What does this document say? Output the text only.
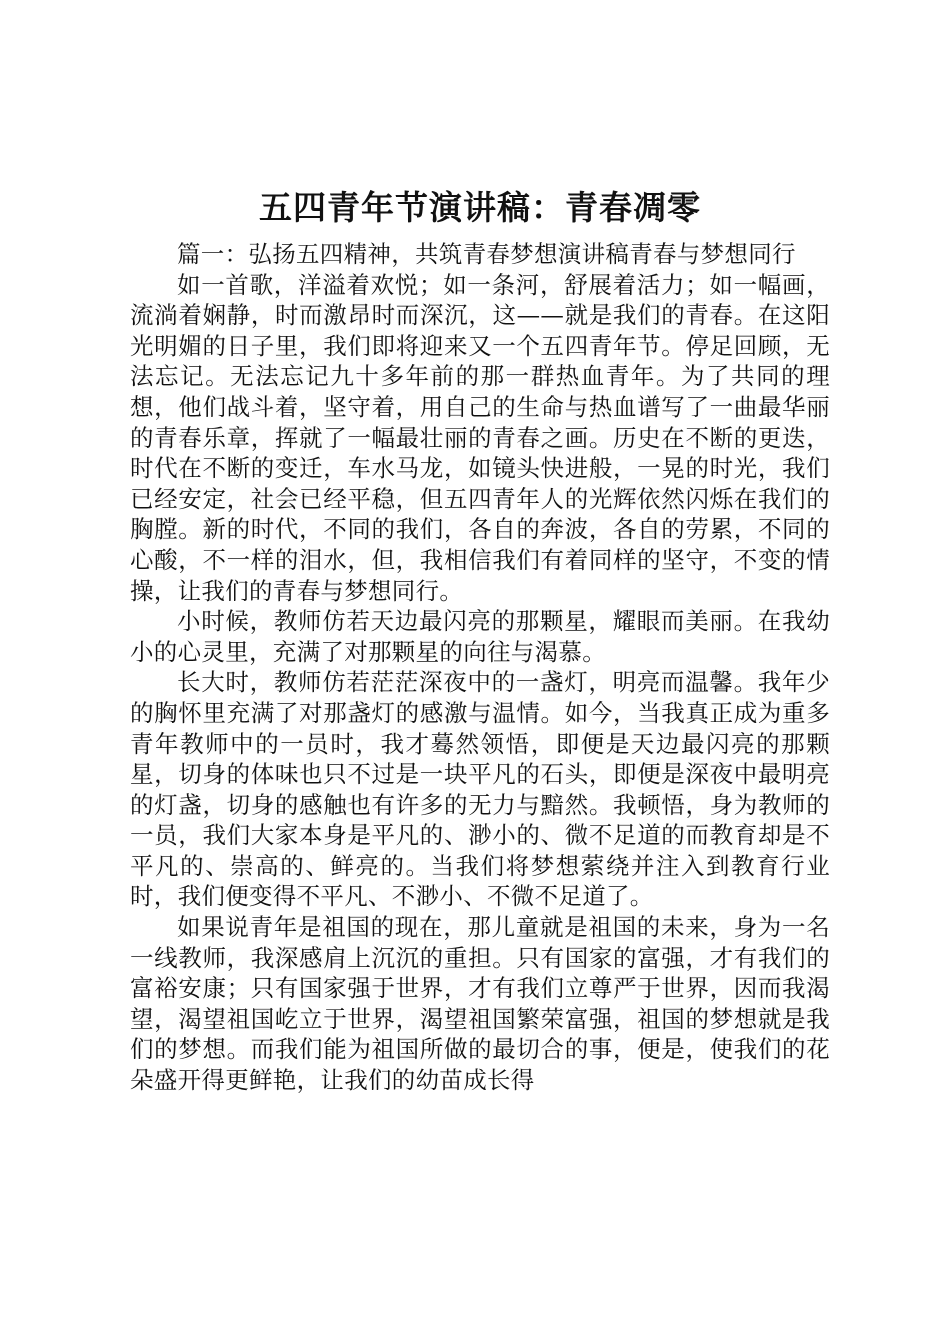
五四青年节演讲稿：青春凋零

篇一：弘扬五四精神，共筑青春梦想演讲稿青春与梦想同行

如一首歌，洋溢着欢悦；如一条河，舒展着活力；如一幅画，流淌着娴静，时而激昂时而深沉，这——就是我们的青春。在这阳光明媚的日子里，我们即将迎来又一个五四青年节。停足回顾，无法忘记。无法忘记九十多年前的那一群热血青年。为了共同的理想，他们战斗着，坚守着，用自己的生命与热血谱写了一曲最华丽的青春乐章，挥就了一幅最壮丽的青春之画。历史在不断的更迭，时代在不断的变迁，车水马龙，如镜头快进般，一晃的时光，我们已经安定，社会已经平稳，但五四青年人的光辉依然闪烁在我们的胸膛。新的时代，不同的我们，各自的奔波，各自的劳累，不同的心酸，不一样的泪水，但，我相信我们有着同样的坚守，不变的情操，让我们的青春与梦想同行。

小时候，教师仿若天边最闪亮的那颗星，耀眼而美丽。在我幼小的心灵里，充满了对那颗星的向往与渴慕。

长大时，教师仿若茫茫深夜中的一盏灯，明亮而温馨。我年少的胸怀里充满了对那盏灯的感激与温情。如今，当我真正成为重多青年教师中的一员时，我才蓦然领悟，即便是天边最闪亮的那颗星，切身的体味也只不过是一块平凡的石头，即便是深夜中最明亮的灯盏，切身的感触也有许多的无力与黯然。我顿悟，身为教师的一员，我们大家本身是平凡的、渺小的、微不足道的而教育却是不平凡的、崇高的、鲜亮的。当我们将梦想萦绕并注入到教育行业时，我们便变得不平凡、不渺小、不微不足道了。

如果说青年是祖国的现在，那儿童就是祖国的未来，身为一名一线教师，我深感肩上沉沉的重担。只有国家的富强，才有我们的富裕安康；只有国家强于世界，才有我们立尊严于世界，因而我渴望，渴望祖国屹立于世界，渴望祖国繁荣富强，祖国的梦想就是我们的梦想。而我们能为祖国所做的最切合的事，便是，使我们的花朵盛开得更鲜艳，让我们的幼苗成长得
